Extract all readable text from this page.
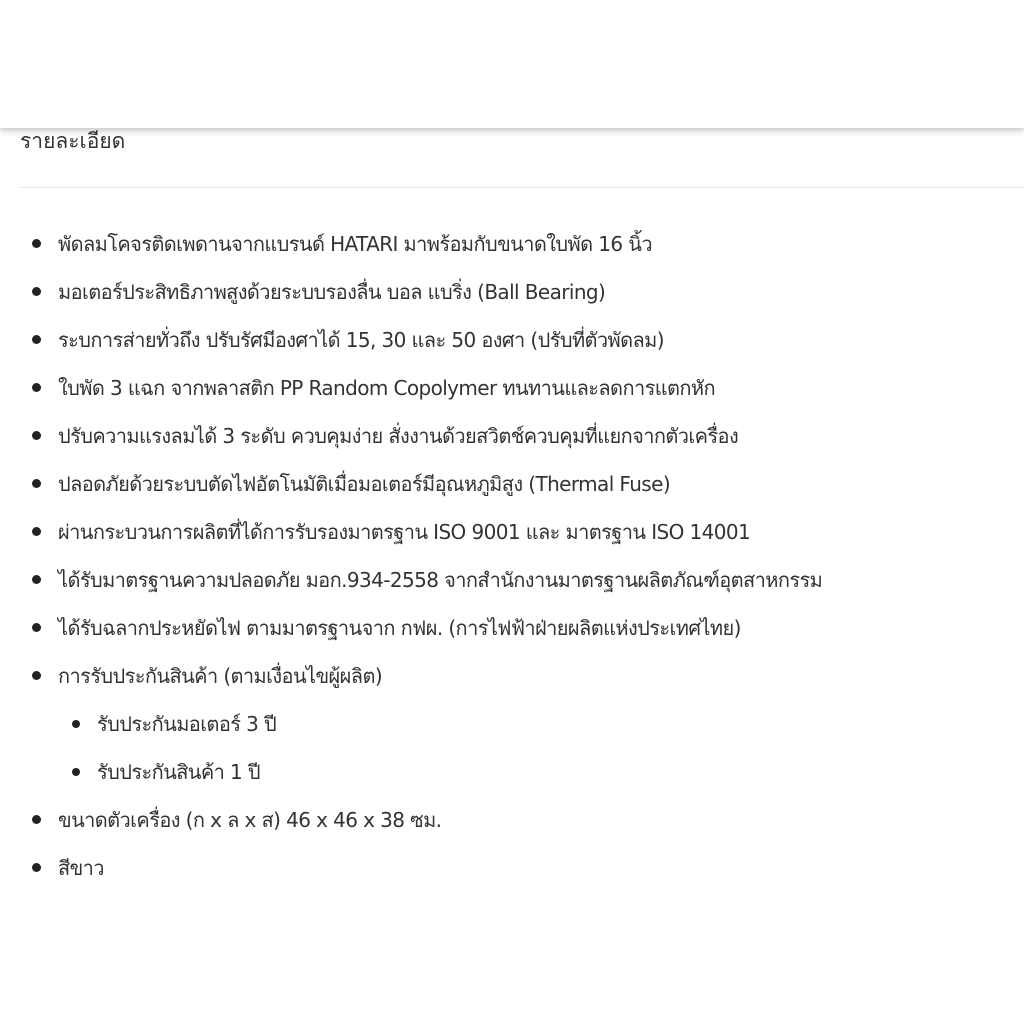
รายละเอียด
พัดลมโคจรติดเพดานจากแบรนด์ HATARI มาพร้อมกับขนาดใบพัด 16 นิ้ว
มอเตอร์ประสิทธิภาพสูงด้วยระบบรองลื่น บอล แบริ่ง (Ball Bearing)
ระบการส่ายทั่วถึง ปรับรัศมีองศาได้ 15, 30 และ 50 องศา (ปรับที่ตัวพัดลม)
ใบพัด 3 แฉก จากพลาสติก PP Random Copolymer ทนทานและลดการแตกหัก
ปรับความแรงลมได้ 3 ระดับ ควบคุมง่าย สั่งงานด้วยสวิตช์ควบคุมที่แยกจากตัวเครื่อง
ปลอดภัยด้วยระบบตัดไฟอัตโนมัติเมื่อมอเตอร์มีอุณหภูมิสูง (Thermal Fuse)
ผ่านกระบวนการผลิตที่ได้การรับรองมาตรฐาน ISO 9001 และ มาตรฐาน ISO 14001
ได้รับมาตรฐานความปลอดภัย มอก.934-2558 จากสำนักงานมาตรฐานผลิตภัณฑ์อุตสาหกรรม
ได้รับฉลากประหยัดไฟ ตามมาตรฐานจาก กฟผ. (การไฟฟ้าฝ่ายผลิตแห่งประเทศไทย)
การรับประกันสินค้า (ตามเงื่อนไขผู้ผลิต)
รับประกันมอเตอร์ 3 ปี
รับประกันสินค้า 1 ปี
ขนาดตัวเครื่อง (ก x ล x ส) 46 x 46 x 38 ซม.
สีขาว
